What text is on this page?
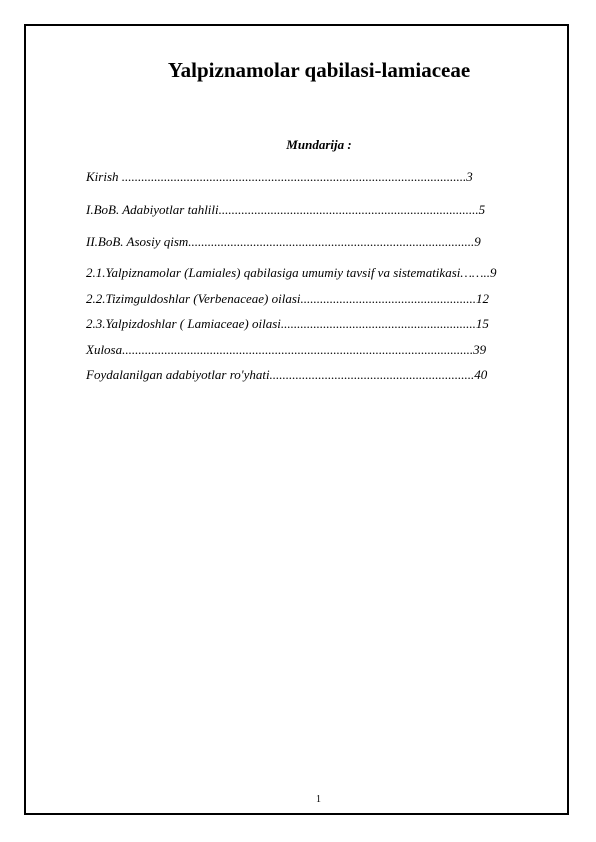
Yalpiznamolar qabilasi-lamiaceae
Mundarija :
Kirish ..........................................................................................................3
I.BoB. Adabiyotlar tahlili................................................................................5
II.BoB. Asosiy qism........................................................................................9
2.1.Yalpiznamolar (Lamiales) qabilasiga umumiy tavsif va sistematikasi……..9
2.2.Tizimguldoshlar (Verbenaceae) oilasi......................................................12
2.3.Yalpizdoshlar ( Lamiaceae) oilasi............................................................15
Xulosa............................................................................................................39
Foydalanilgan adabiyotlar ro'yhati...............................................................40
1
